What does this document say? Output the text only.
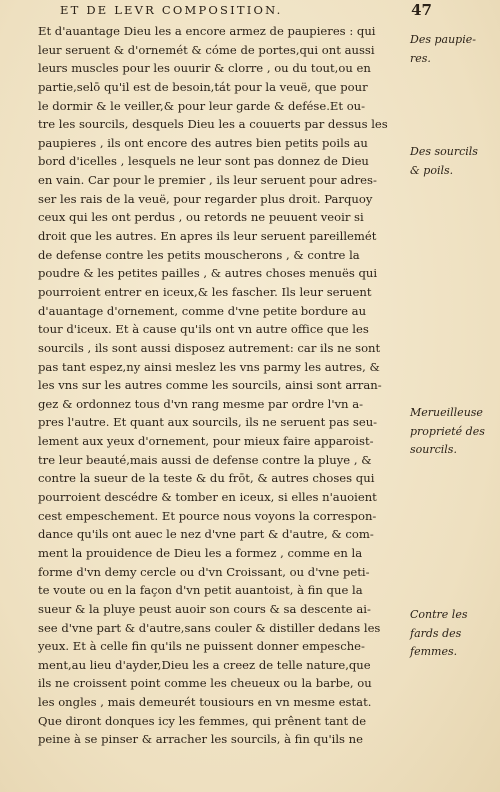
ET DE LEVR COMPOSITION.	47
Et d'auantage Dieu les a encore armez de paupieres : qui
leur seruent & d'ornemét & cóme de portes,qui ont aussi
leurs muscles pour les ouurir & clorre , ou du tout,ou en
partie,selō qu'il est de besoin,tát pour la veuë, que pour
le dormir & le veiller,& pour leur garde & defése.Et ou-
tre les sourcils, desquels Dieu les a couuerts par dessus les
paupieres , ils ont encore des autres bien petits poils au
bord d'icelles , lesquels ne leur sont pas donnez de Dieu
en vain. Car pour le premier , ils leur seruent pour adres-
ser les rais de la veuë, pour regarder plus droit. Parquoy
ceux qui les ont perdus , ou retords ne peuuent veoir si
droit que les autres. En apres ils leur seruent pareillemét
de defense contre les petits mouscherons , & contre la
poudre & les petites pailles , & autres choses menuës qui
pourroient entrer en iceux,& les fascher. Ils leur seruent
d'auantage d'ornement, comme d'vne petite bordure au
tour d'iceux. Et à cause qu'ils ont vn autre office que les
sourcils , ils sont aussi disposez autrement: car ils ne sont
pas tant espez,ny ainsi meslez les vns parmy les autres, &
les vns sur les autres comme les sourcils, ainsi sont arran-
gez & ordonnez tous d'vn rang mesme par ordre l'vn a-
pres l'autre. Et quant aux sourcils, ils ne seruent pas seu-
lement aux yeux d'ornement, pour mieux faire apparoist-
tre leur beauté,mais aussi de defense contre la pluye , &
contre la sueur de la teste & du frōt, & autres choses qui
pourroient descédre & tomber en iceux, si elles n'auoient
cest empeschement. Et pource nous voyons la correspon-
dance qu'ils ont auec le nez d'vne part & d'autre, & com-
ment la prouidence de Dieu les a formez , comme en la
forme d'vn demy cercle ou d'vn Croissant, ou d'vne peti-
te voute ou en la façon d'vn petit auantoist, à fin que la
sueur & la pluye peust auoir son cours & sa descente ai-
see d'vne part & d'autre,sans couler & distiller dedans les
yeux. Et à celle fin qu'ils ne puissent donner empesche-
ment,au lieu d'ayder,Dieu les a creez de telle nature,que
ils ne croissent point comme les cheueux ou la barbe, ou
les ongles , mais demeurét tousiours en vn mesme estat.
Que diront donques icy les femmes, qui prênent tant de
peine à se pinser & arracher les sourcils, à fin qu'ils ne
Des paupie-
res.
Des sourcils
& poils.
Merueilleuse
proprieté des
sourcils.
Contre les
fards des
femmes.
